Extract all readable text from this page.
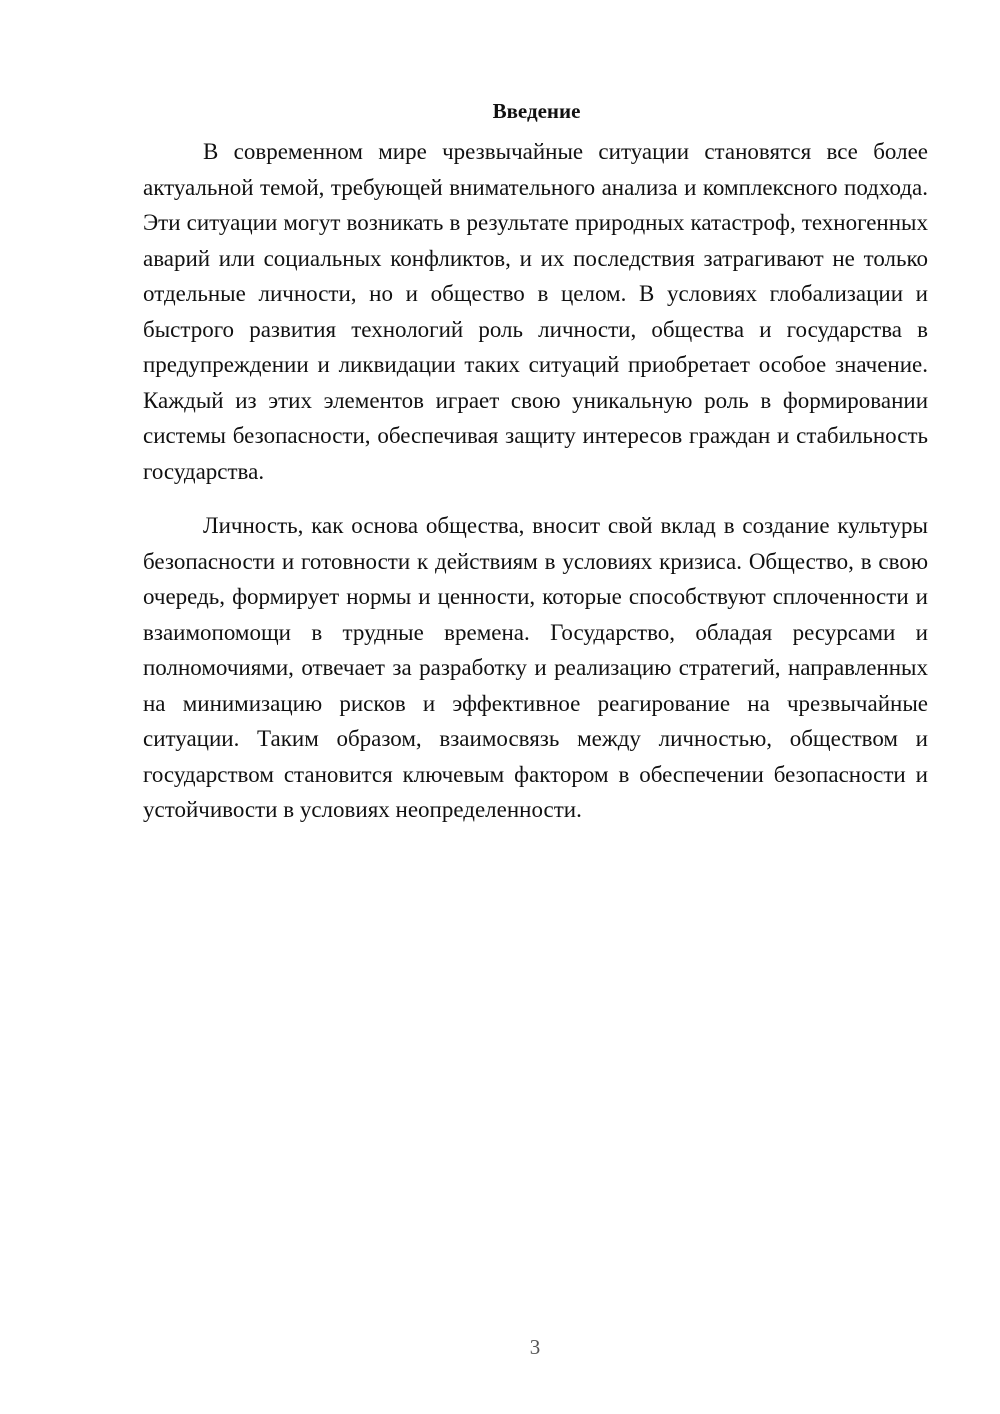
Введение

В современном мире чрезвычайные ситуации становятся все более актуальной темой, требующей внимательного анализа и комплексного подхода. Эти ситуации могут возникать в результате природных катастроф, техногенных аварий или социальных конфликтов, и их последствия затрагивают не только отдельные личности, но и общество в целом. В условиях глобализации и быстрого развития технологий роль личности, общества и государства в предупреждении и ликвидации таких ситуаций приобретает особое значение. Каждый из этих элементов играет свою уникальную роль в формировании системы безопасности, обеспечивая защиту интересов граждан и стабильность государства.

Личность, как основа общества, вносит свой вклад в создание культуры безопасности и готовности к действиям в условиях кризиса. Общество, в свою очередь, формирует нормы и ценности, которые способствуют сплоченности и взаимопомощи в трудные времена. Государство, обладая ресурсами и полномочиями, отвечает за разработку и реализацию стратегий, направленных на минимизацию рисков и эффективное реагирование на чрезвычайные ситуации. Таким образом, взаимосвязь между личностью, обществом и государством становится ключевым фактором в обеспечении безопасности и устойчивости в условиях неопределенности.

3
